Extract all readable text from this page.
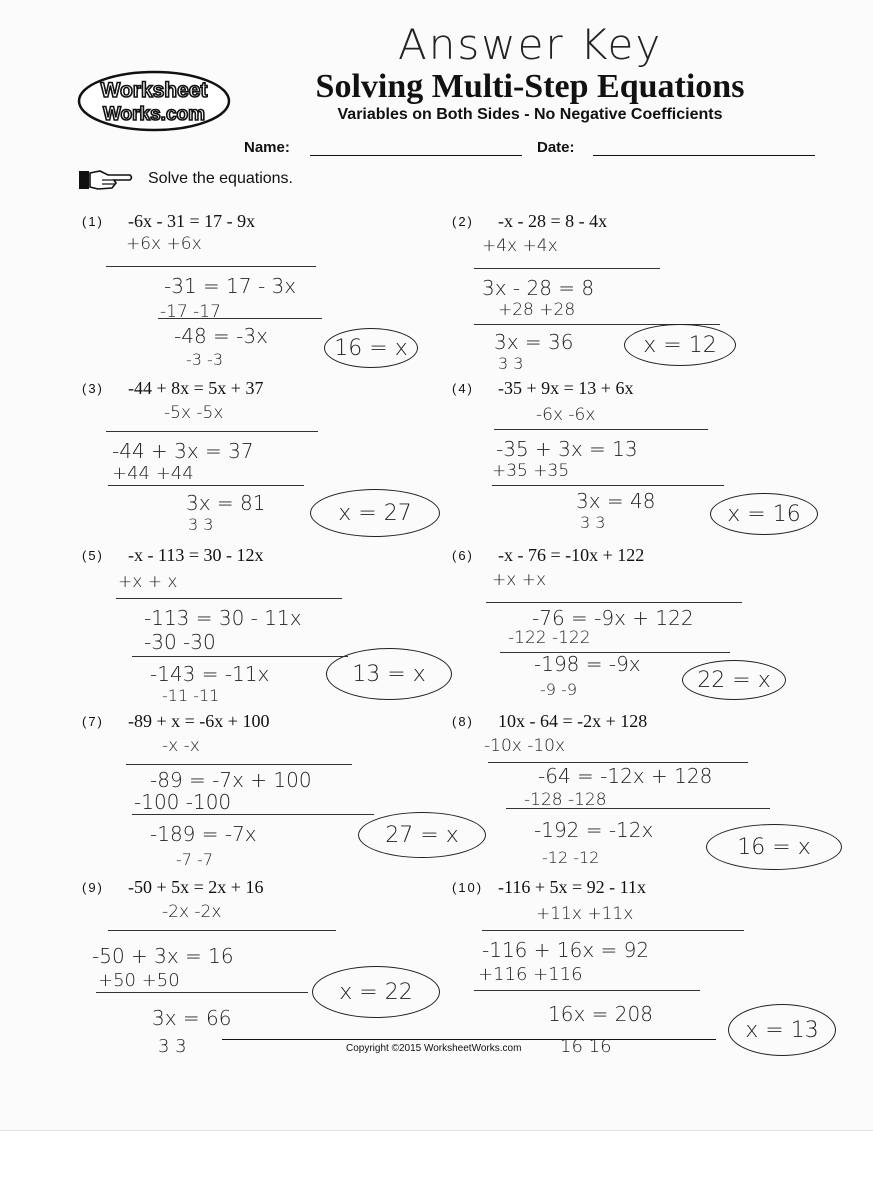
Answer Key
Worksheet
Works.com
Solving Multi-Step Equations
Variables on Both Sides - No Negative Coefficients
Name:	Date:
Solve the equations.
(1) -6x - 31 = 17 - 9x
+6x +6x
-31 = 17 - 3x
-17 -17
-48 = -3x
-3 -3	16 = x
(2) -x - 28 = 8 - 4x
+4x +4x
3x - 28 = 8
+28 +28
3x = 36
3 3
x = 12
(3) -44 + 8x = 5x + 37
-5x -5x
-44 + 3x = 37
+44 +44
3x = 81
3 3	x = 27
(4) -35 + 9x = 13 + 6x
-6x -6x
-35 + 3x = 13
+35 +35
3x = 48
3 3	x = 16
(5) -x - 113 = 30 - 12x
+x + x
-113 = 30 - 11x
-30 -30
-143 = -11x
-11 -11
13 = x
(6) -x - 76 = -10x + 122
+x +x
-76 = -9x + 122
-122 -122
-198 = -9x
-9 -9	22 = x
(7) -89 + x = -6x + 100
-x -x
-89 = -7x + 100
-100 -100
-189 = -7x
-7 -7
27 = x
(8) 10x - 64 = -2x + 128
-10x -10x
-64 = -12x + 128
-128 -128
-192 = -12x
-12 -12	16 = x
(9) -50 + 5x = 2x + 16
-2x -2x
-50 + 3x = 16
+50 +50
3x = 66
3 3
x = 22
(10) -116 + 5x = 92 - 11x
+11x +11x
-116 + 16x = 92
+116 +116
16x = 208
16 16
x = 13
Copyright ©2015 WorksheetWorks.com
